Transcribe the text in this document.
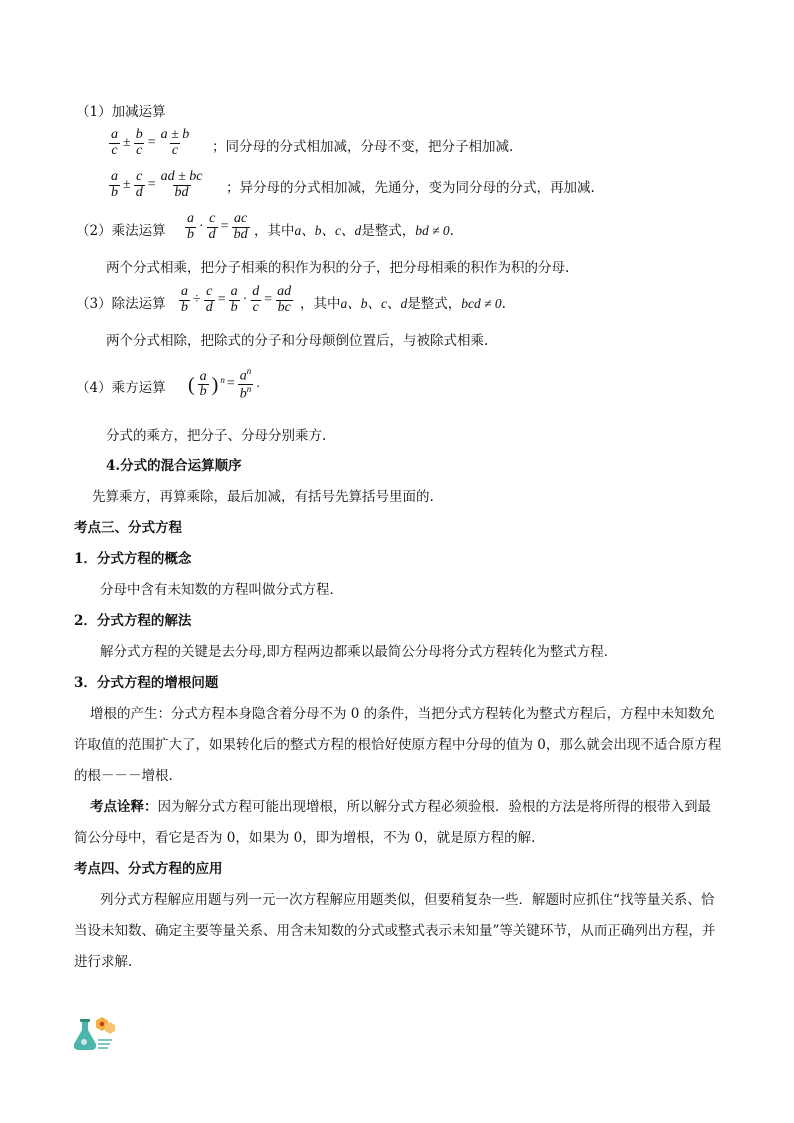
（1）加减运算
$\frac{a}{c} \pm \frac{b}{c} = \frac{a \pm b}{c}$ ；同分母的分式相加减，分母不变，把分子相加减.
$\frac{a}{b} \pm \frac{c}{d} = \frac{ad \pm bc}{bd}$ ；异分母的分式相加减，先通分，变为同分母的分式，再加减.
（2）乘法运算 $\frac{a}{b} \cdot \frac{c}{d} = \frac{ac}{bd}$ ，其中a、b、c、d是整式，bd ≠ 0.
两个分式相乘，把分子相乘的积作为积的分子，把分母相乘的积作为积的分母.
（3）除法运算 $\frac{a}{b} \div \frac{c}{d} = \frac{a}{b} \cdot \frac{d}{c} = \frac{ad}{bc}$ ，其中a、b、c、d是整式，bcd ≠ 0.
两个分式相除，把除式的分子和分母颠倒位置后，与被除式相乘.
（4）乘方运算 ( $\frac{a}{b}$ ) $^n = \frac{a^n}{b^n}$ .
分式的乘方，把分子、分母分别乘方.
4.分式的混合运算顺序
先算乘方，再算乘除，最后加减，有括号先算括号里面的.
考点三、分式方程
1．分式方程的概念
分母中含有未知数的方程叫做分式方程．
2．分式方程的解法
解分式方程的关键是去分母,即方程两边都乘以最简公分母将分式方程转化为整式方程．
3．分式方程的增根问题
增根的产生：分式方程本身隐含着分母不为 0 的条件，当把分式方程转化为整式方程后，方程中未知数允许取值的范围扩大了，如果转化后的整式方程的根恰好使原方程中分母的值为 0，那么就会出现不适合原方程的根－－－增根.
考点诠释：因为解分式方程可能出现增根，所以解分式方程必须验根．验根的方法是将所得的根带入到最简公分母中，看它是否为 0，如果为 0，即为增根，不为 0，就是原方程的解.
考点四、分式方程的应用
列分式方程解应用题与列一元一次方程解应用题类似，但要稍复杂一些．解题时应抓住“找等量关系、恰当设未知数、确定主要等量关系、用含未知数的分式或整式表示未知量”等关键环节，从而正确列出方程，并进行求解.
